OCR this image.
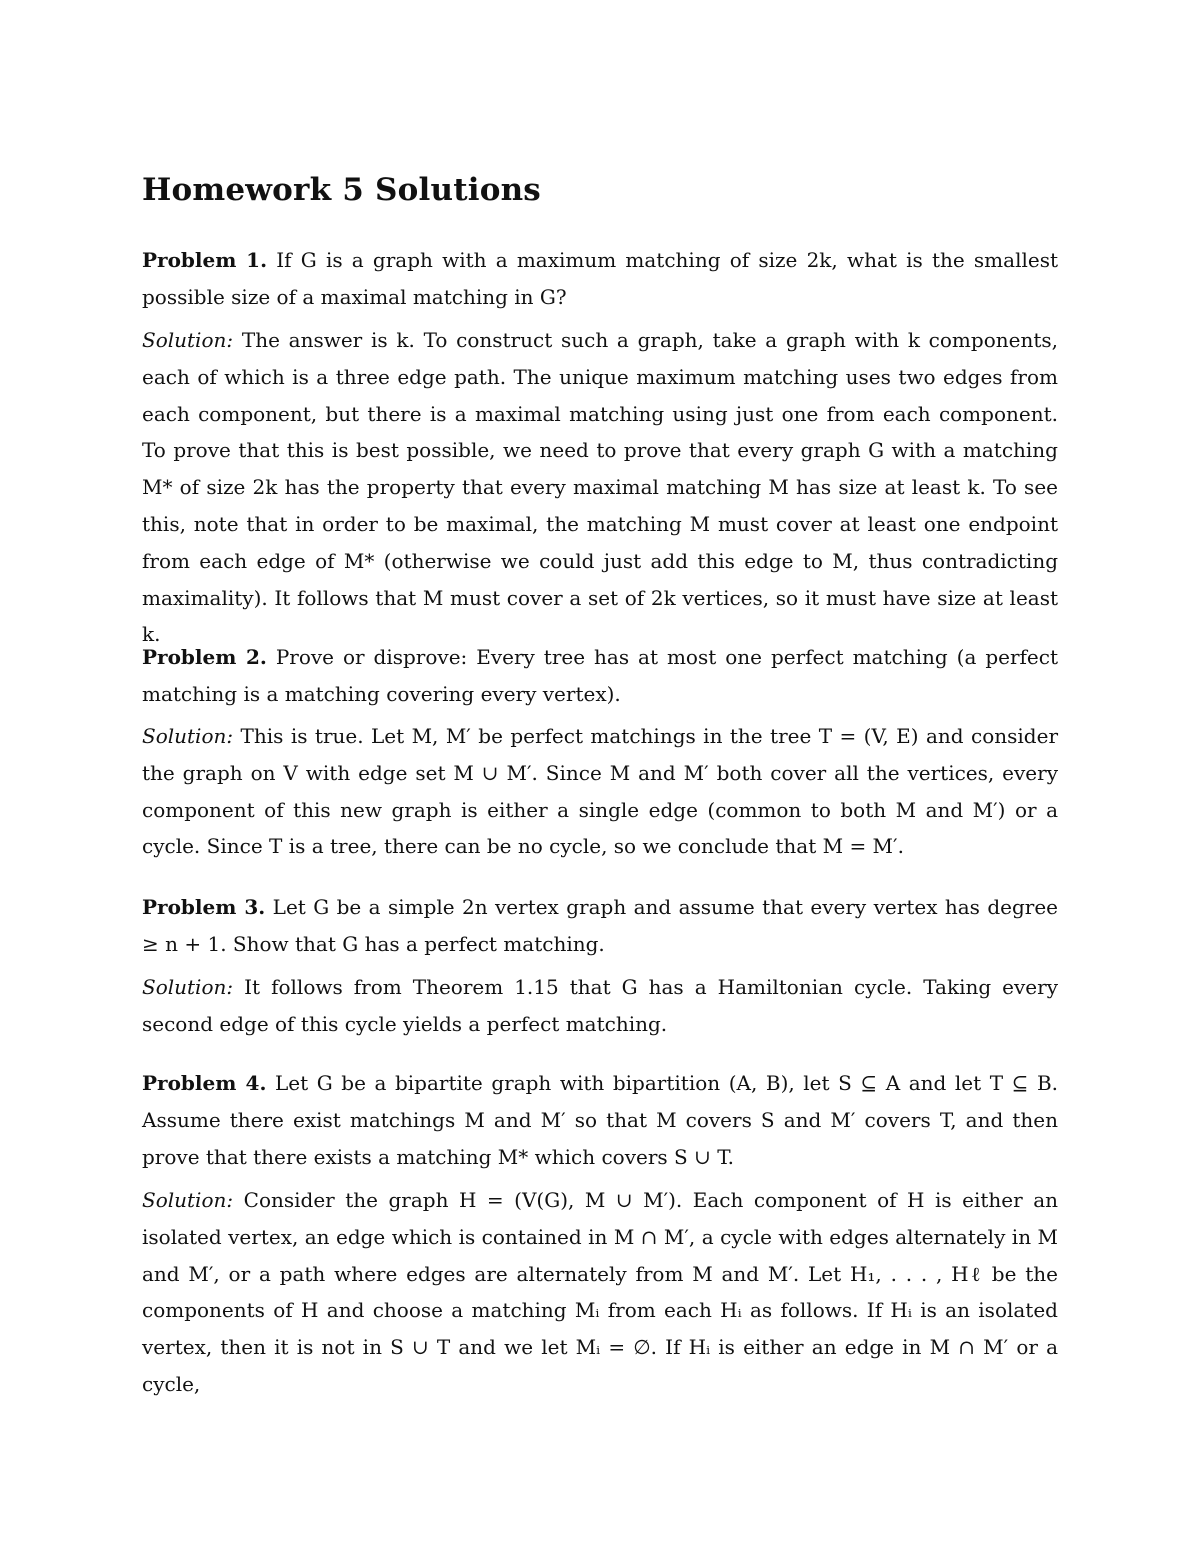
Homework 5 Solutions

Problem 1. If G is a graph with a maximum matching of size 2k, what is the smallest possible size of a maximal matching in G?

Solution: The answer is k. To construct such a graph, take a graph with k components, each of which is a three edge path. The unique maximum matching uses two edges from each component, but there is a maximal matching using just one from each component. To prove that this is best possible, we need to prove that every graph G with a matching M* of size 2k has the property that every maximal matching M has size at least k. To see this, note that in order to be maximal, the matching M must cover at least one endpoint from each edge of M* (otherwise we could just add this edge to M, thus contradicting maximality). It follows that M must cover a set of 2k vertices, so it must have size at least k.

Problem 2. Prove or disprove: Every tree has at most one perfect matching (a perfect matching is a matching covering every vertex).

Solution: This is true. Let M, M′ be perfect matchings in the tree T = (V, E) and consider the graph on V with edge set M ∪ M′. Since M and M′ both cover all the vertices, every component of this new graph is either a single edge (common to both M and M′) or a cycle. Since T is a tree, there can be no cycle, so we conclude that M = M′.

Problem 3. Let G be a simple 2n vertex graph and assume that every vertex has degree ≥ n + 1. Show that G has a perfect matching.

Solution: It follows from Theorem 1.15 that G has a Hamiltonian cycle. Taking every second edge of this cycle yields a perfect matching.

Problem 4. Let G be a bipartite graph with bipartition (A, B), let S ⊆ A and let T ⊆ B. Assume there exist matchings M and M′ so that M covers S and M′ covers T, and then prove that there exists a matching M* which covers S ∪ T.

Solution: Consider the graph H = (V(G), M ∪ M′). Each component of H is either an isolated vertex, an edge which is contained in M ∩ M′, a cycle with edges alternately in M and M′, or a path where edges are alternately from M and M′. Let H₁, . . . , Hℓ be the components of H and choose a matching Mᵢ from each Hᵢ as follows. If Hᵢ is an isolated vertex, then it is not in S ∪ T and we let Mᵢ = ∅. If Hᵢ is either an edge in M ∩ M′ or a cycle,
